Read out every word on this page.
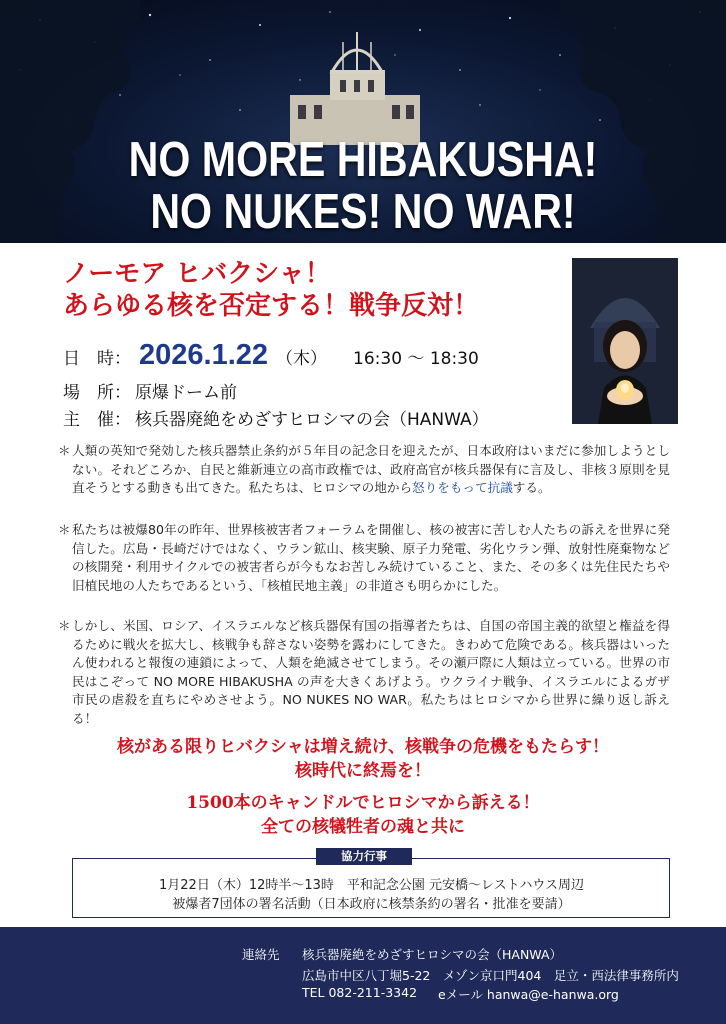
NO MORE HIBAKUSHA!
NO NUKES! NO WAR!
ノーモア ヒバクシャ！
あらゆる核を否定する！戦争反対！
日　時： 2026.1.22 （木） 16:30 ～ 18:30
場　所： 原爆ドーム前
主　催： 核兵器廃絶をめざすヒロシマの会（HANWA）
＊ 人類の英知で発効した核兵器禁止条約が５年目の記念日を迎えたが、日本政府はいまだに参加しようとしない。それどころか、自民と維新連立の高市政権では、政府高官が核兵器保有に言及し、非核３原則を見直そうとする動きも出てきた。私たちは、ヒロシマの地から怒りをもって抗議する。
＊ 私たちは被爆80年の昨年、世界核被害者フォーラムを開催し、核の被害に苦しむ人たちの訴えを世界に発信した。広島・長崎だけではなく、ウラン鉱山、核実験、原子力発電、劣化ウラン弾、放射性廃棄物などの核開発・利用サイクルでの被害者らが今もなお苦しみ続けていること、また、その多くは先住民たちや旧植民地の人たちであるという、「核植民地主義」の非道さも明らかにした。
＊ しかし、米国、ロシア、イスラエルなど核兵器保有国の指導者たちは、自国の帝国主義的欲望と権益を得るために戦火を拡大し、核戦争も辞さない姿勢を露わにしてきた。きわめて危険である。核兵器はいったん使われると報復の連鎖によって、人類を絶滅させてしまう。その瀬戸際に人類は立っている。世界の市民はこぞって NO MORE HIBAKUSHA の声を大きくあげよう。ウクライナ戦争、イスラエルによるガザ市民の虐殺を直ちにやめさせよう。NO NUKES NO WAR。私たちはヒロシマから世界に繰り返し訴える！
核がある限りヒバクシャは増え続け、核戦争の危機をもたらす！
核時代に終焉を！
1500本のキャンドルでヒロシマから訴える！
全ての核犠牲者の魂と共に
協力行事
1月22日（木）12時半～13時　平和記念公園 元安橋～レストハウス周辺
被爆者7団体の署名活動（日本政府に核禁条約の署名・批准を要請）
連絡先 核兵器廃絶をめざすヒロシマの会（HANWA）
広島市中区八丁堀5-22　メゾン京口門404　足立・西法律事務所内
TEL 082-211-3342 eメール hanwa@e-hanwa.org
